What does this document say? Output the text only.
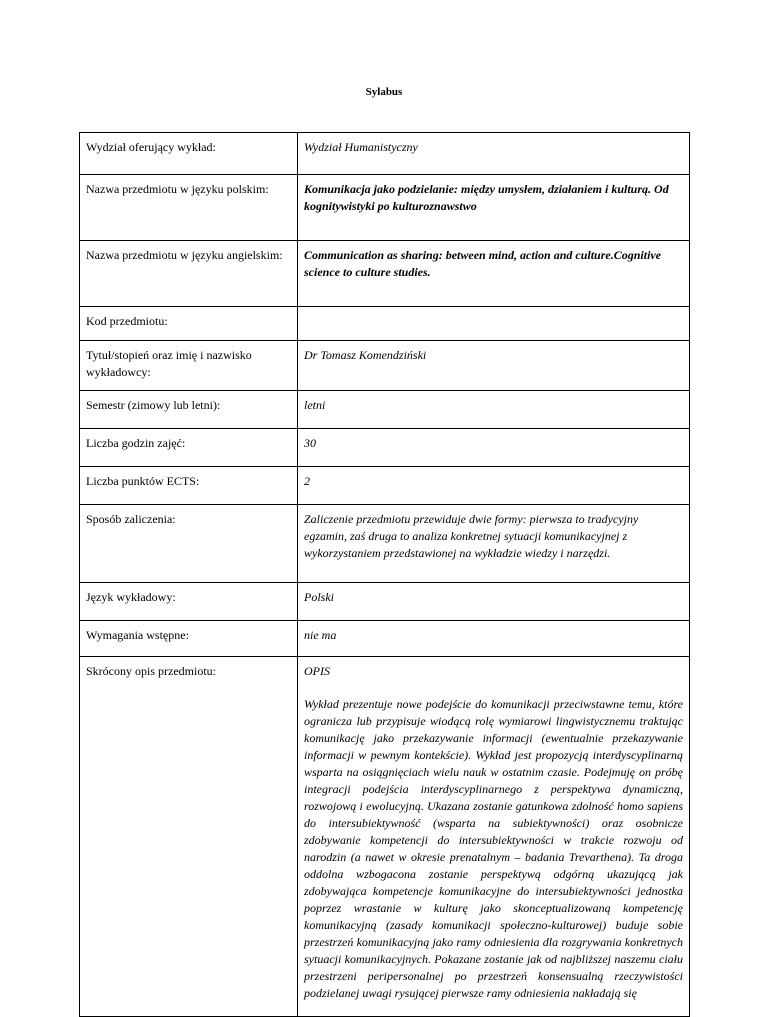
Sylabus
Wydział oferujący wykład:	Wydział Humanistyczny
Nazwa przedmiotu w języku polskim:	Komunikacja jako podzielanie: między umysłem, działaniem i kulturą. Od kognitywistyki po kulturoznawstwo
Nazwa przedmiotu w języku angielskim:	Communication as sharing: between mind, action and culture.Cognitive science to culture studies.
Kod przedmiotu:	
Tytuł/stopień oraz imię i nazwisko wykładowcy:	Dr Tomasz Komendziński
Semestr (zimowy lub letni):	letni
Liczba godzin zajęć:	30
Liczba punktów ECTS:	2
Sposób zaliczenia:	Zaliczenie przedmiotu przewiduje dwie formy: pierwsza to tradycyjny egzamin, zaś druga to analiza konkretnej sytuacji komunikacyjnej z wykorzystaniem przedstawionej na wykładzie wiedzy i narzędzi.
Język wykładowy:	Polski
Wymagania wstępne:	nie ma
Skrócony opis przedmiotu:	OPIS
Wykład prezentuje nowe podejście do komunikacji przeciwstawne temu, które ogranicza lub przypisuje wiodącą rolę wymiarowi lingwistycznemu traktując komunikację jako przekazywanie informacji (ewentualnie przekazywanie informacji w pewnym kontekście). Wykład jest propozycją interdyscyplinarną wsparta na osiągnięciach wielu nauk w ostatnim czasie. Podejmuję on próbę integracji podejścia interdyscyplinarnego z perspektywa dynamiczną, rozwojową i ewolucyjną. Ukazana zostanie gatunkowa zdolność homo sapiens do intersubiektywność (wsparta na subiektywności) oraz osobnicze zdobywanie kompetencji do intersubiektywności w trakcie rozwoju od narodzin (a nawet w okresie prenatalnym – badania Trevarthena). Ta droga oddolna wzbogacona zostanie perspektywą odgórną ukazującą jak zdobywająca kompetencje komunikacyjne do intersubiektywności jednostka poprzez wrastanie w kulturę jako skonceptualizowaną kompetencję komunikacyjną (zasady komunikacji społeczno-kulturowej) buduje sobie przestrzeń komunikacyjną jako ramy odniesienia dla rozgrywania konkretnych sytuacji komunikacyjnych. Pokazane zostanie jak od najbliższej naszemu ciału przestrzeni peripersonalnej po przestrzeń konsensualną rzeczywistości podzielanej uwagi rysującej pierwsze ramy odniesienia nakładają się
